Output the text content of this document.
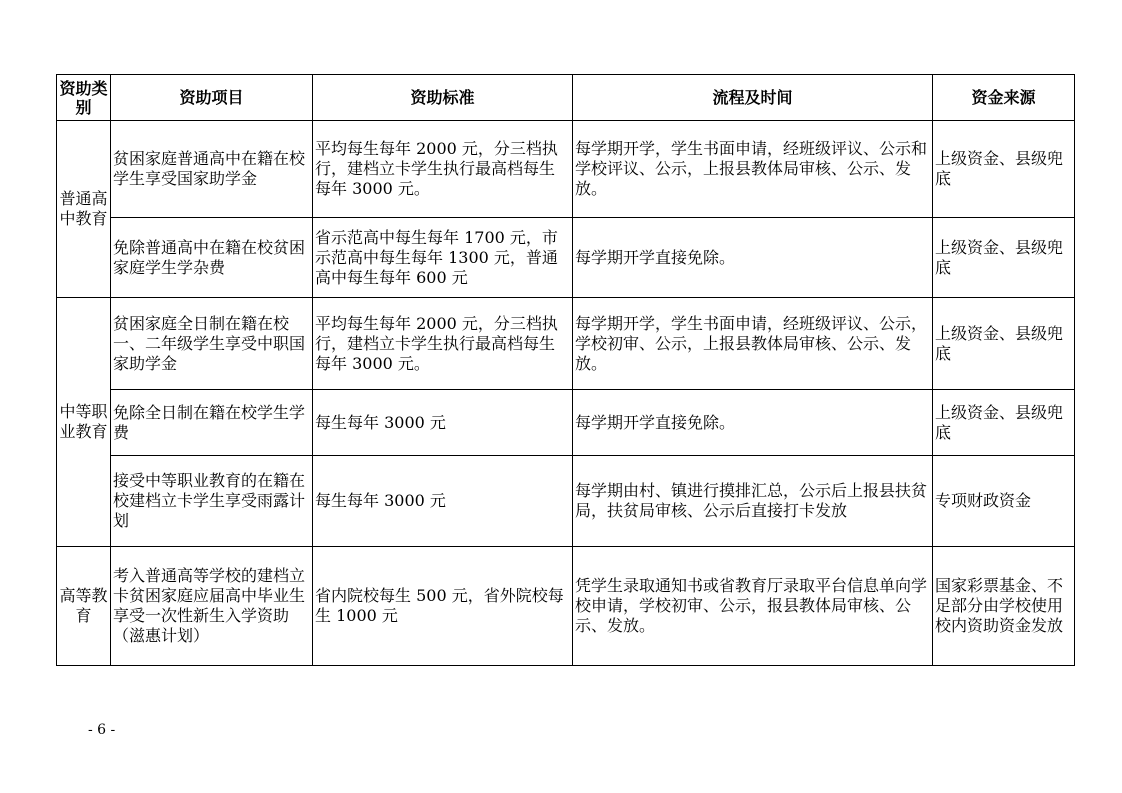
资助类别	资助项目	资助标准	流程及时间	资金来源
普通高中教育	贫困家庭普通高中在籍在校学生享受国家助学金	平均每生每年 2000 元，分三档执行，建档立卡学生执行最高档每生每年 3000 元。	每学期开学，学生书面申请，经班级评议、公示和学校评议、公示，上报县教体局审核、公示、发放。	上级资金、县级兜底
	免除普通高中在籍在校贫困家庭学生学杂费	省示范高中每生每年 1700 元，市示范高中每生每年 1300 元，普通高中每生每年 600 元	每学期开学直接免除。	上级资金、县级兜底
中等职业教育	贫困家庭全日制在籍在校一、二年级学生享受中职国家助学金	平均每生每年 2000 元，分三档执行，建档立卡学生执行最高档每生每年 3000 元。	每学期开学，学生书面申请，经班级评议、公示，学校初审、公示，上报县教体局审核、公示、发放。	上级资金、县级兜底
	免除全日制在籍在校学生学费	每生每年 3000 元	每学期开学直接免除。	上级资金、县级兜底
	接受中等职业教育的在籍在校建档立卡学生享受雨露计划	每生每年 3000 元	每学期由村、镇进行摸排汇总，公示后上报县扶贫局，扶贫局审核、公示后直接打卡发放	专项财政资金
高等教育	考入普通高等学校的建档立卡贫困家庭应届高中毕业生享受一次性新生入学资助（滋惠计划）	省内院校每生 500 元，省外院校每生 1000 元	凭学生录取通知书或省教育厅录取平台信息单向学校申请，学校初审、公示，报县教体局审核、公示、发放。	国家彩票基金、不足部分由学校使用校内资助资金发放
- 6 -
